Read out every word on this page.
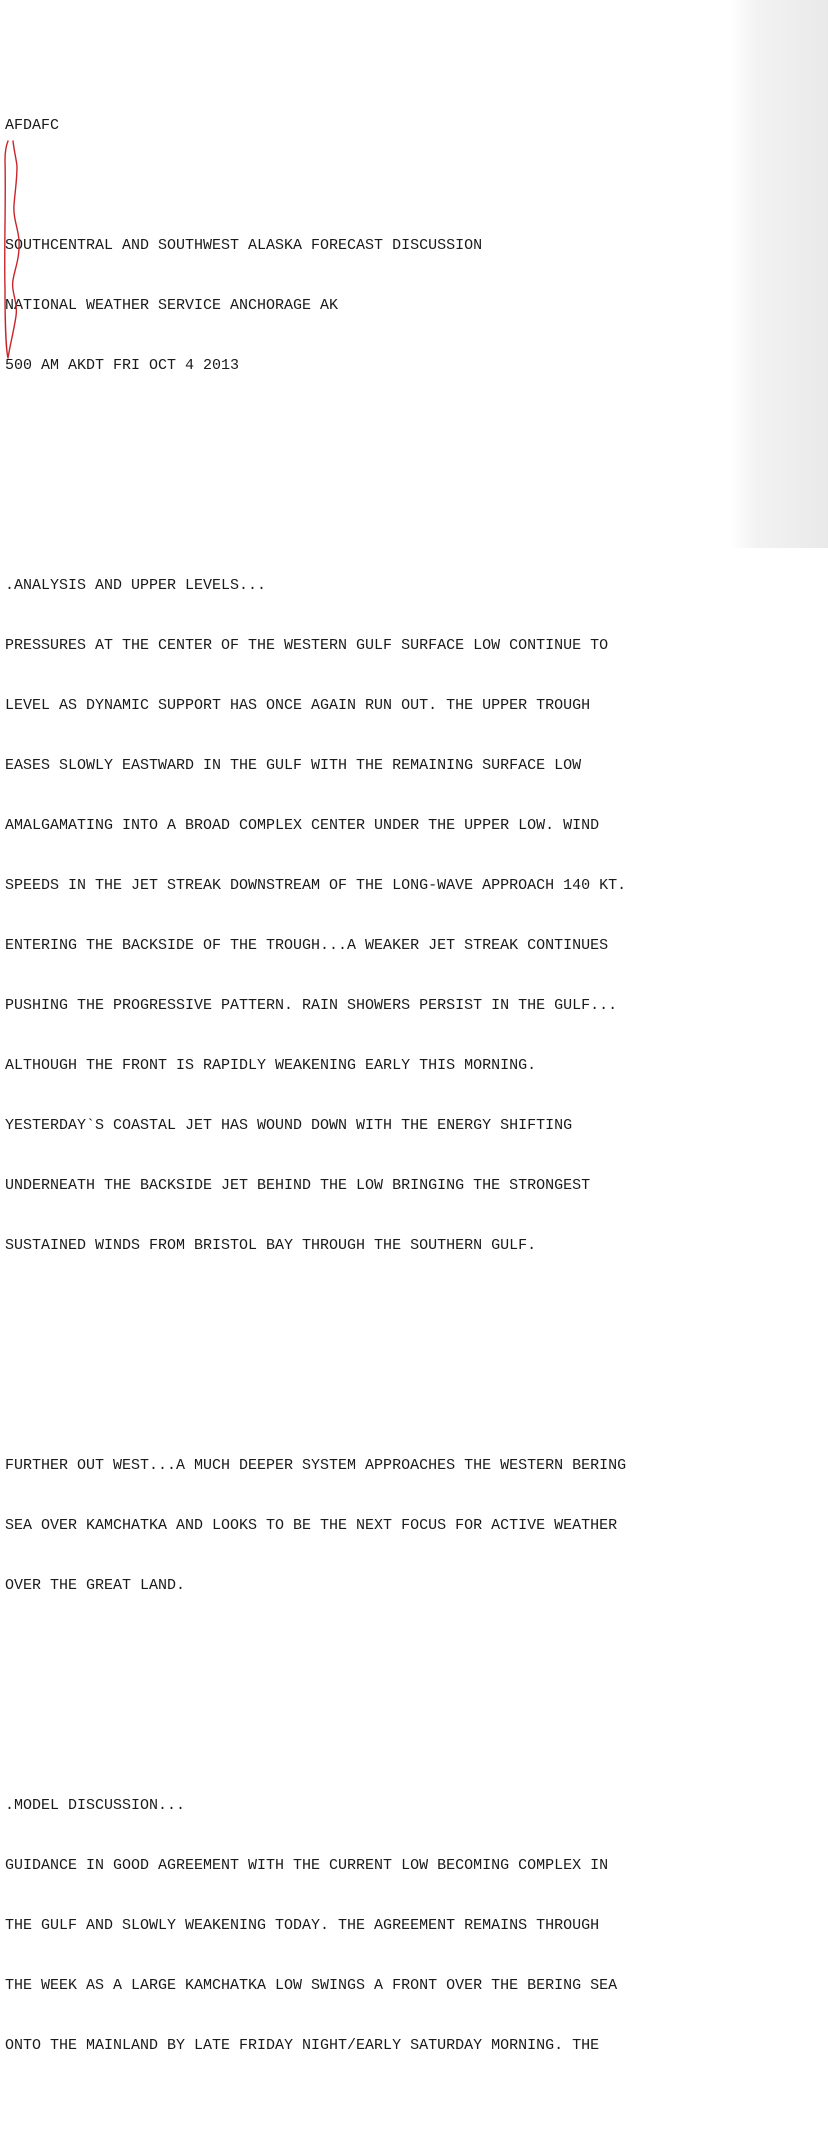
AFDAFC

SOUTHCENTRAL AND SOUTHWEST ALASKA FORECAST DISCUSSION

NATIONAL WEATHER SERVICE ANCHORAGE AK

500 AM AKDT FRI OCT 4 2013

.ANALYSIS AND UPPER LEVELS...

PRESSURES AT THE CENTER OF THE WESTERN GULF SURFACE LOW CONTINUE TO

LEVEL AS DYNAMIC SUPPORT HAS ONCE AGAIN RUN OUT. THE UPPER TROUGH

EASES SLOWLY EASTWARD IN THE GULF WITH THE REMAINING SURFACE LOW

AMALGAMATING INTO A BROAD COMPLEX CENTER UNDER THE UPPER LOW. WIND

SPEEDS IN THE JET STREAK DOWNSTREAM OF THE LONG-WAVE APPROACH 140 KT.

ENTERING THE BACKSIDE OF THE TROUGH...A WEAKER JET STREAK CONTINUES

PUSHING THE PROGRESSIVE PATTERN. RAIN SHOWERS PERSIST IN THE GULF...

ALTHOUGH THE FRONT IS RAPIDLY WEAKENING EARLY THIS MORNING.

YESTERDAY`S COASTAL JET HAS WOUND DOWN WITH THE ENERGY SHIFTING

UNDERNEATH THE BACKSIDE JET BEHIND THE LOW BRINGING THE STRONGEST

SUSTAINED WINDS FROM BRISTOL BAY THROUGH THE SOUTHERN GULF.

FURTHER OUT WEST...A MUCH DEEPER SYSTEM APPROACHES THE WESTERN BERING

SEA OVER KAMCHATKA AND LOOKS TO BE THE NEXT FOCUS FOR ACTIVE WEATHER

OVER THE GREAT LAND.

.MODEL DISCUSSION...

GUIDANCE IN GOOD AGREEMENT WITH THE CURRENT LOW BECOMING COMPLEX IN

THE GULF AND SLOWLY WEAKENING TODAY. THE AGREEMENT REMAINS THROUGH

THE WEEK AS A LARGE KAMCHATKA LOW SWINGS A FRONT OVER THE BERING SEA

ONTO THE MAINLAND BY LATE FRIDAY NIGHT/EARLY SATURDAY MORNING. THE
